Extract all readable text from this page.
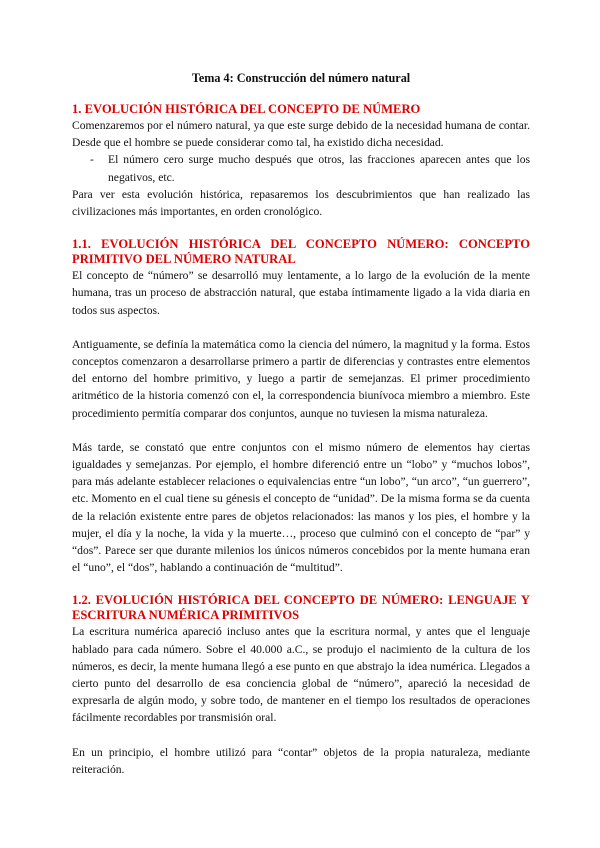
Tema 4: Construcción del número natural
1. EVOLUCIÓN HISTÓRICA DEL CONCEPTO DE NÚMERO

Comenzaremos por el número natural, ya que este surge debido de la necesidad humana de contar. Desde que el hombre se puede considerar como tal, ha existido dicha necesidad.

- El número cero surge mucho después que otros, las fracciones aparecen antes que los negativos, etc.

Para ver esta evolución histórica, repasaremos los descubrimientos que han realizado las civilizaciones más importantes, en orden cronológico.

1.1. EVOLUCIÓN HISTÓRICA DEL CONCEPTO NÚMERO: CONCEPTO PRIMITIVO DEL NÚMERO NATURAL

El concepto de “número” se desarrolló muy lentamente, a lo largo de la evolución de la mente humana, tras un proceso de abstracción natural, que estaba íntimamente ligado a la vida diaria en todos sus aspectos.

Antiguamente, se definía la matemática como la ciencia del número, la magnitud y la forma. Estos conceptos comenzaron a desarrollarse primero a partir de diferencias y contrastes entre elementos del entorno del hombre primitivo, y luego a partir de semejanzas. El primer procedimiento aritmético de la historia comenzó con el, la correspondencia biunívoca miembro a miembro. Este procedimiento permitía comparar dos conjuntos, aunque no tuviesen la misma naturaleza.

Más tarde, se constató que entre conjuntos con el mismo número de elementos hay ciertas igualdades y semejanzas. Por ejemplo, el hombre diferenció entre un “lobo” y “muchos lobos”, para más adelante establecer relaciones o equivalencias entre “un lobo”, “un arco”, “un guerrero”, etc. Momento en el cual tiene su génesis el concepto de “unidad”. De la misma forma se da cuenta de la relación existente entre pares de objetos relacionados: las manos y los pies, el hombre y la mujer, el día y la noche, la vida y la muerte…, proceso que culminó con el concepto de “par” y “dos”. Parece ser que durante milenios los únicos números concebidos por la mente humana eran el “uno”, el “dos”, hablando a continuación de “multitud”.

1.2. EVOLUCIÓN HISTÓRICA DEL CONCEPTO DE NÚMERO: LENGUAJE Y ESCRITURA NUMÉRICA PRIMITIVOS

La escritura numérica apareció incluso antes que la escritura normal, y antes que el lenguaje hablado para cada número. Sobre el 40.000 a.C., se produjo el nacimiento de la cultura de los números, es decir, la mente humana llegó a ese punto en que abstrajo la idea numérica. Llegados a cierto punto del desarrollo de esa conciencia global de “número”, apareció la necesidad de expresarla de algún modo, y sobre todo, de mantener en el tiempo los resultados de operaciones fácilmente recordables por transmisión oral.

En un principio, el hombre utilizó para “contar” objetos de la propia naturaleza, mediante reiteración.
